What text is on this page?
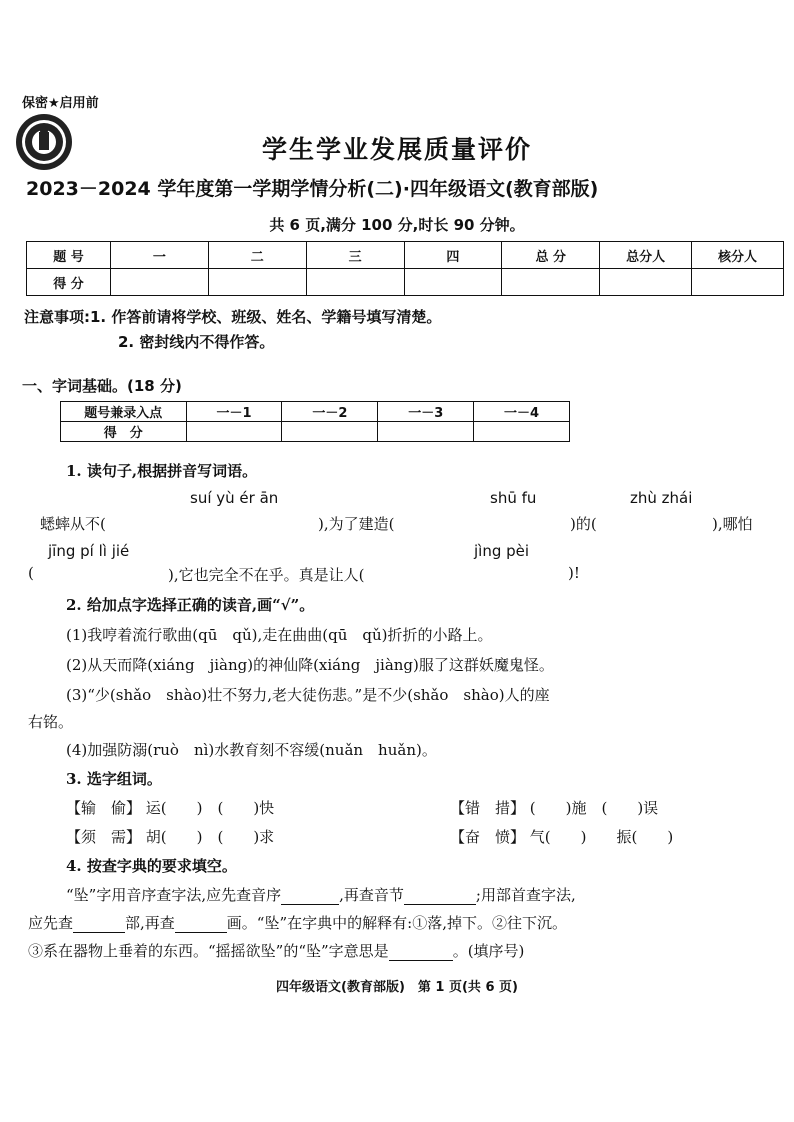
保密★启用前
学生学业发展质量评价
2023－2024 学年度第一学期学情分析(二)·四年级语文(教育部版)
共 6 页,满分 100 分,时长 90 分钟。
题 号	一	二	三	四	总 分	总分人	核分人
得 分							
注意事项:1. 作答前请将学校、班级、姓名、学籍号填写清楚。
2. 密封线内不得作答。
一、字词基础。(18 分)
题号兼录入点	一－1	一－2	一－3	一－4
得　分				
1. 读句子,根据拼音写词语。
suí yù ér ān	shū fu	zhù zhái
蟋蟀从不(	),为了建造(	)的(	),哪怕
jīng pí lì jié	jìng pèi
(	),它也完全不在乎。真是让人(	)!
2. 给加点字选择正确的读音,画“√”。
(1)我哼着流行歌曲(qū　qǔ),走在曲曲(qū　qǔ)折折的小路上。
(2)从天而降(xiáng　jiàng)的神仙降(xiáng　jiàng)服了这群妖魔鬼怪。
(3)“少(shǎo　shào)壮不努力,老大徒伤悲。”是不少(shǎo　shào)人的座
右铭。
(4)加强防溺(ruò　nì)水教育刻不容缓(nuǎn　huǎn)。
3. 选字组词。
【输　偷】 运(　　)　(　　)快	【错　措】 (　　)施　(　　)误
【须　需】 胡(　　)　(　　)求	【奋　愤】 气(　　)　　振(　　)
4. 按查字典的要求填空。
“坠”字用音序查字法,应先查音序	,再查音节	;用部首查字法,
应先查	部,再查	画。“坠”在字典中的解释有:①落,掉下。②往下沉。
③系在器物上垂着的东西。“摇摇欲坠”的“坠”字意思是	。(填序号)
四年级语文(教育部版)　第 1 页(共 6 页)
